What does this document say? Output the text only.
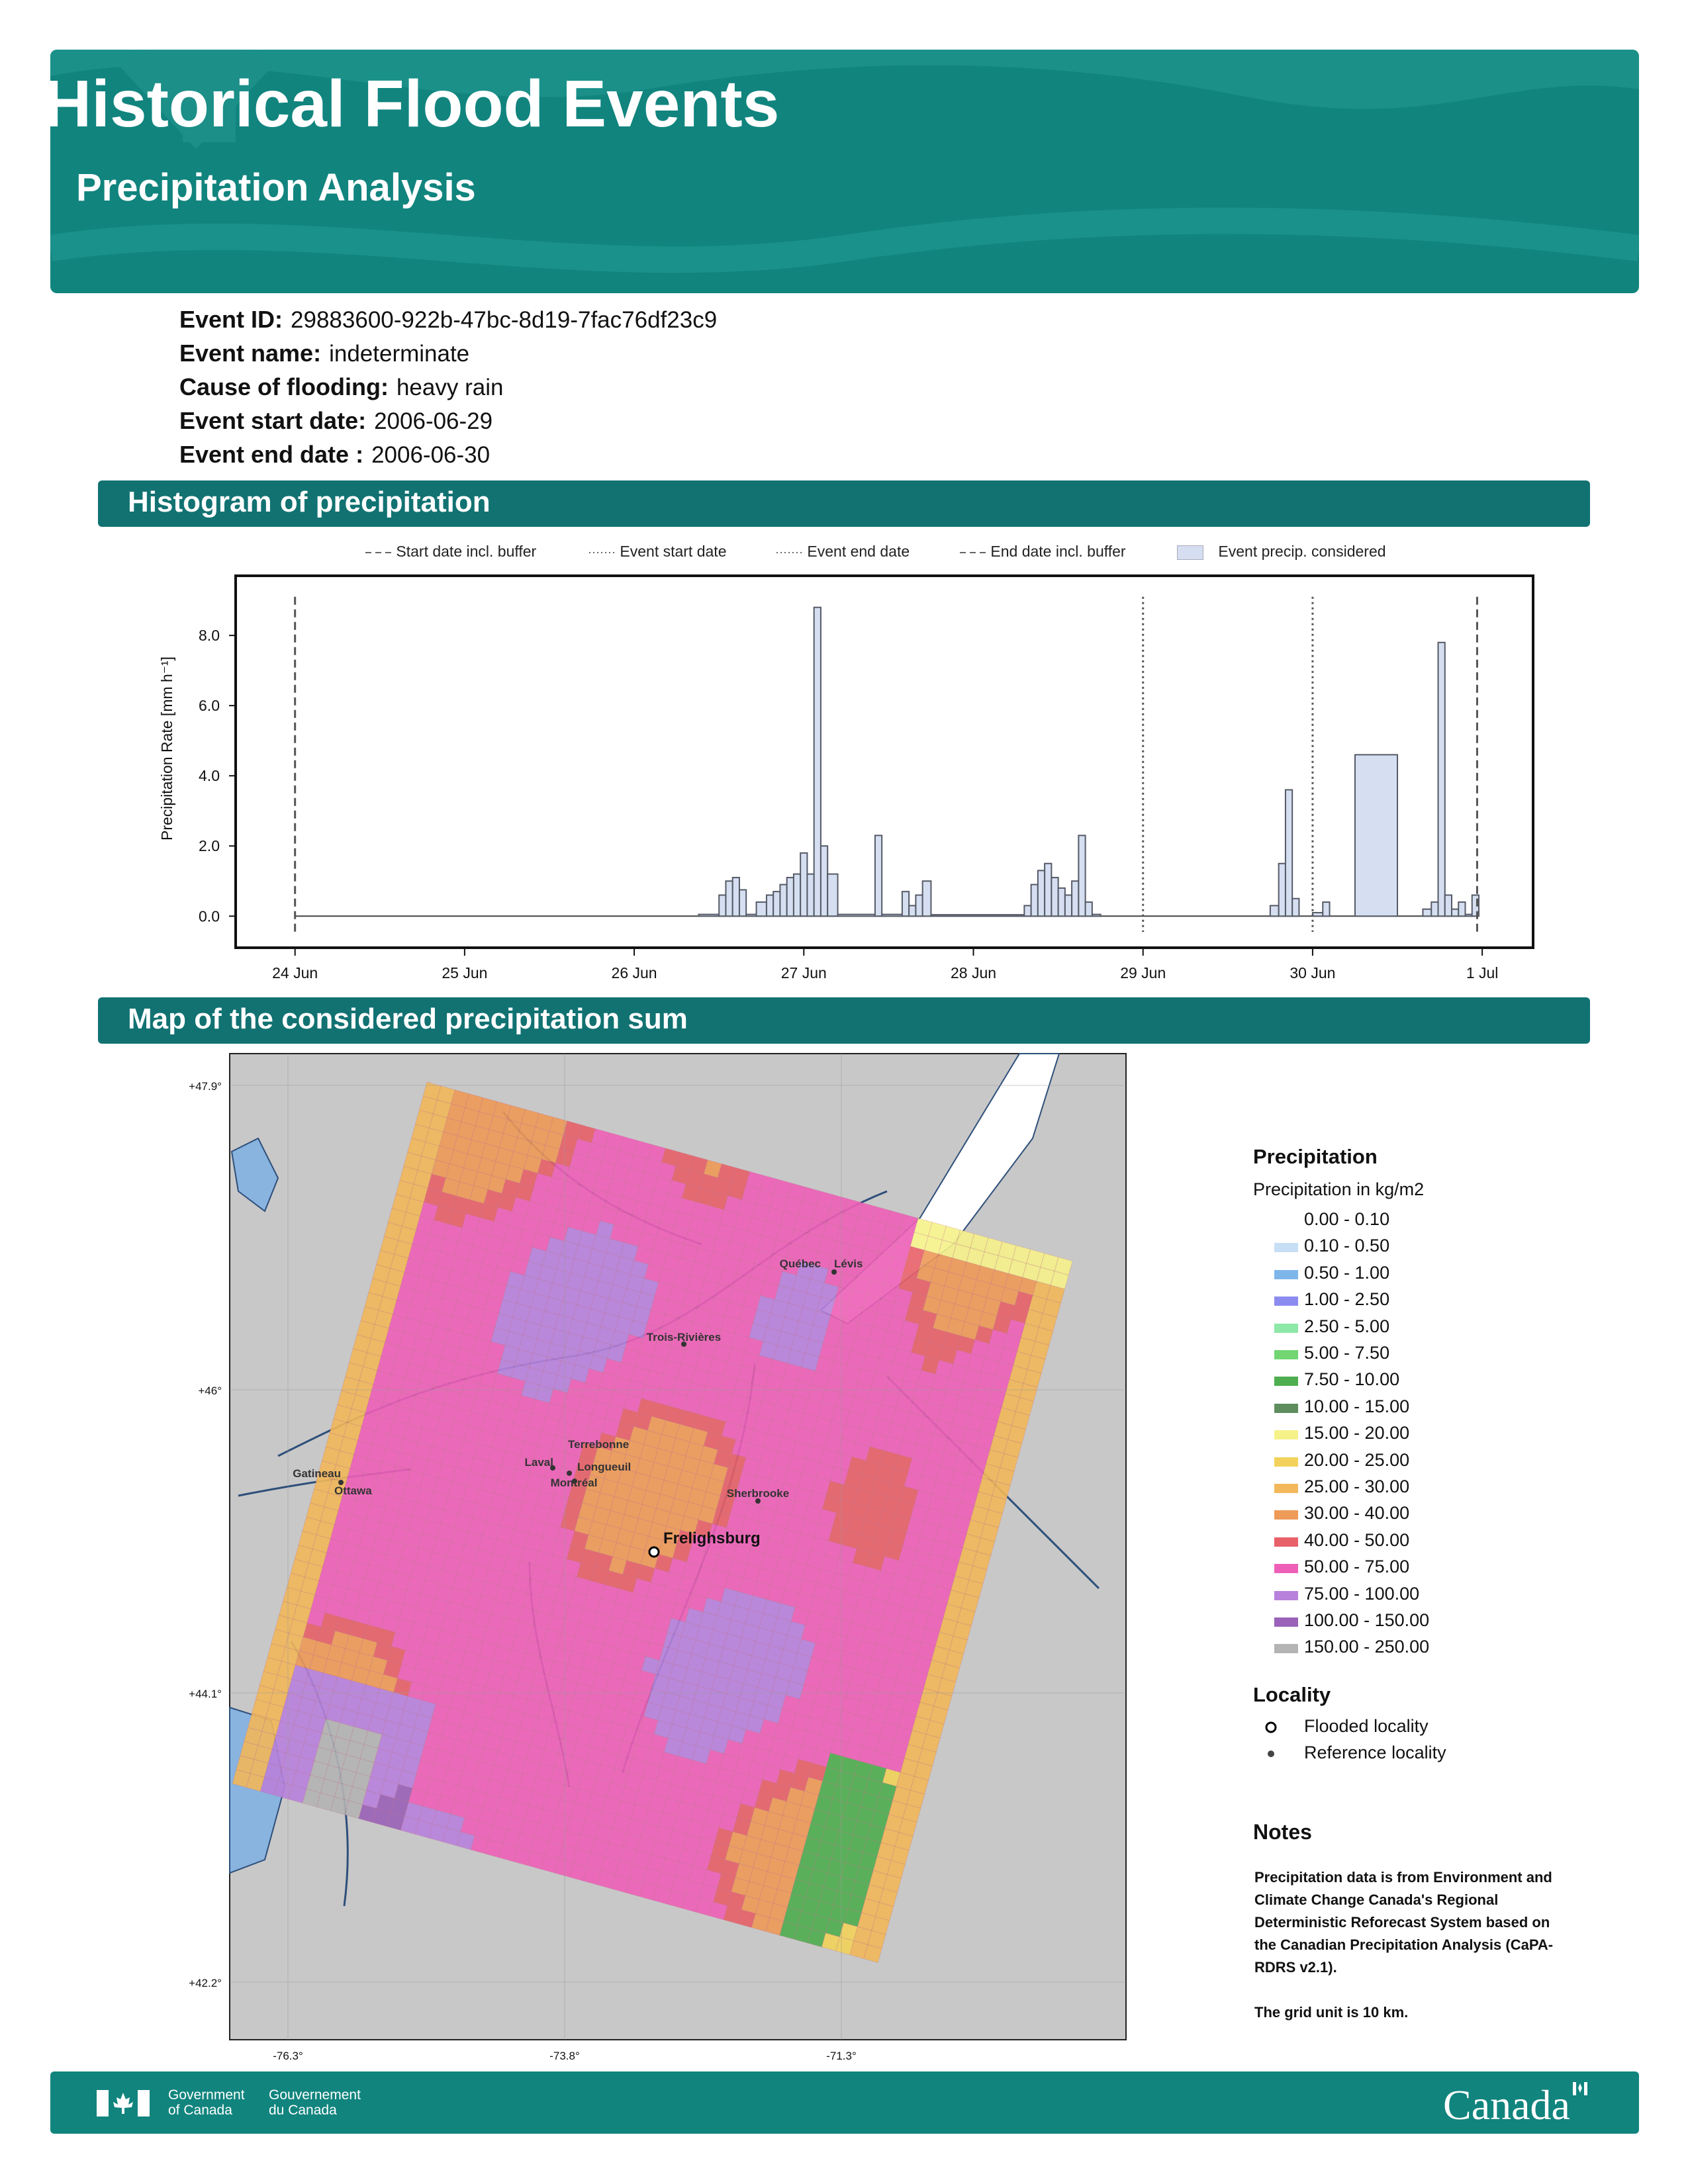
Historical Flood Events
Precipitation Analysis
Event ID: 29883600-922b-47bc-8d19-7fac76df23c9
Event name: indeterminate
Cause of flooding: heavy rain
Event start date: 2006-06-29
Event end date : 2006-06-30
Histogram of precipitation
Start date incl. buffer	Event start date	Event end date	End date incl. buffer	Event precip. considered
0.0
2.0
4.0
6.0
8.0
24 Jun	25 Jun	26 Jun	27 Jun	28 Jun	29 Jun	30 Jun	1 Jul
Precipitation Rate [mm h⁻¹]
Map of the considered precipitation sum
+47.9°
+46°
+44.1°
+42.2°
-76.3°	-73.8°	-71.3°
Québec Lévis
Trois-Rivières
Terrebonne
Laval Longueuil
Montréal
Gatineau
Ottawa	Sherbrooke
Frelighsburg
Precipitation
Precipitation in kg/m2
0.00 - 0.10
0.10 - 0.50
0.50 - 1.00
1.00 - 2.50
2.50 - 5.00
5.00 - 7.50
7.50 - 10.00
10.00 - 15.00
15.00 - 20.00
20.00 - 25.00
25.00 - 30.00
30.00 - 40.00
40.00 - 50.00
50.00 - 75.00
75.00 - 100.00
100.00 - 150.00
150.00 - 250.00
Locality
Flooded locality
Reference locality
Notes
Precipitation data is from Environment and
Climate Change Canada's Regional
Deterministic Reforecast System based on
the Canadian Precipitation Analysis (CaPA-
RDRS v2.1).
The grid unit is 10 km.
Government
of Canada
Gouvernement
du Canada	Canada
